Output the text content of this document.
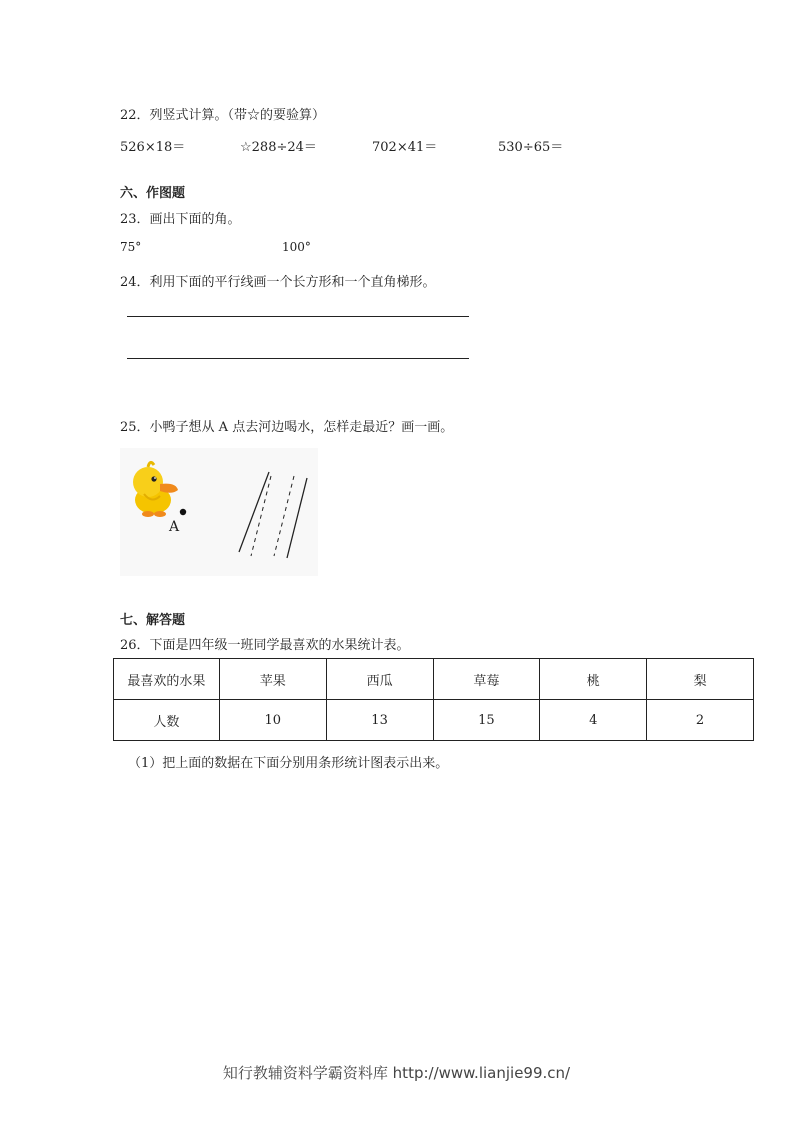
22．列竖式计算。（带☆的要验算）
526×18＝	☆288÷24＝	702×41＝	530÷65＝
六、作图题
23．画出下面的角。
75°	100°
24．利用下面的平行线画一个长方形和一个直角梯形。
25．小鸭子想从 A 点去河边喝水，怎样走最近？画一画。
A
七、解答题
26．下面是四年级一班同学最喜欢的水果统计表。
最喜欢的水果	苹果	西瓜	草莓	桃	梨
人数	10	13	15	4	2
（1）把上面的数据在下面分别用条形统计图表示出来。
知行教辅资料学霸资料库 http://www.lianjie99.cn/
